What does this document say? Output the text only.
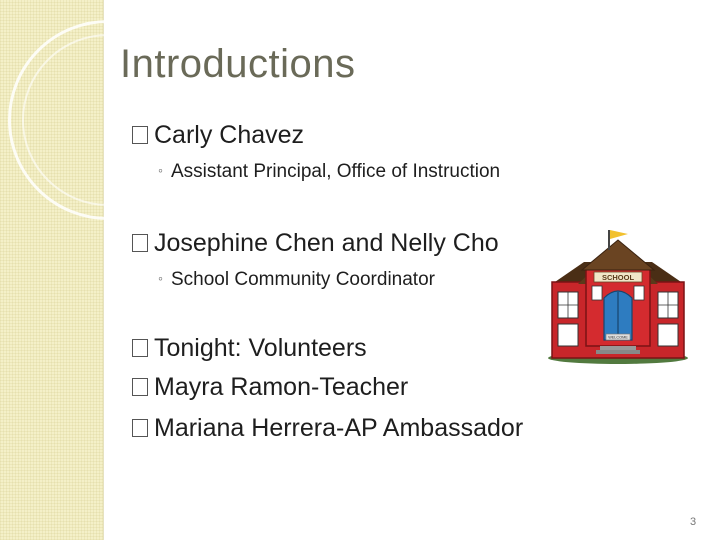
Introductions
Carly Chavez
◦ Assistant Principal, Office of Instruction
Josephine Chen and Nelly Cho
◦ School Community Coordinator
Tonight: Volunteers
Mayra Ramon-Teacher
Mariana Herrera-AP Ambassador
SCHOOL
WELCOME
3
